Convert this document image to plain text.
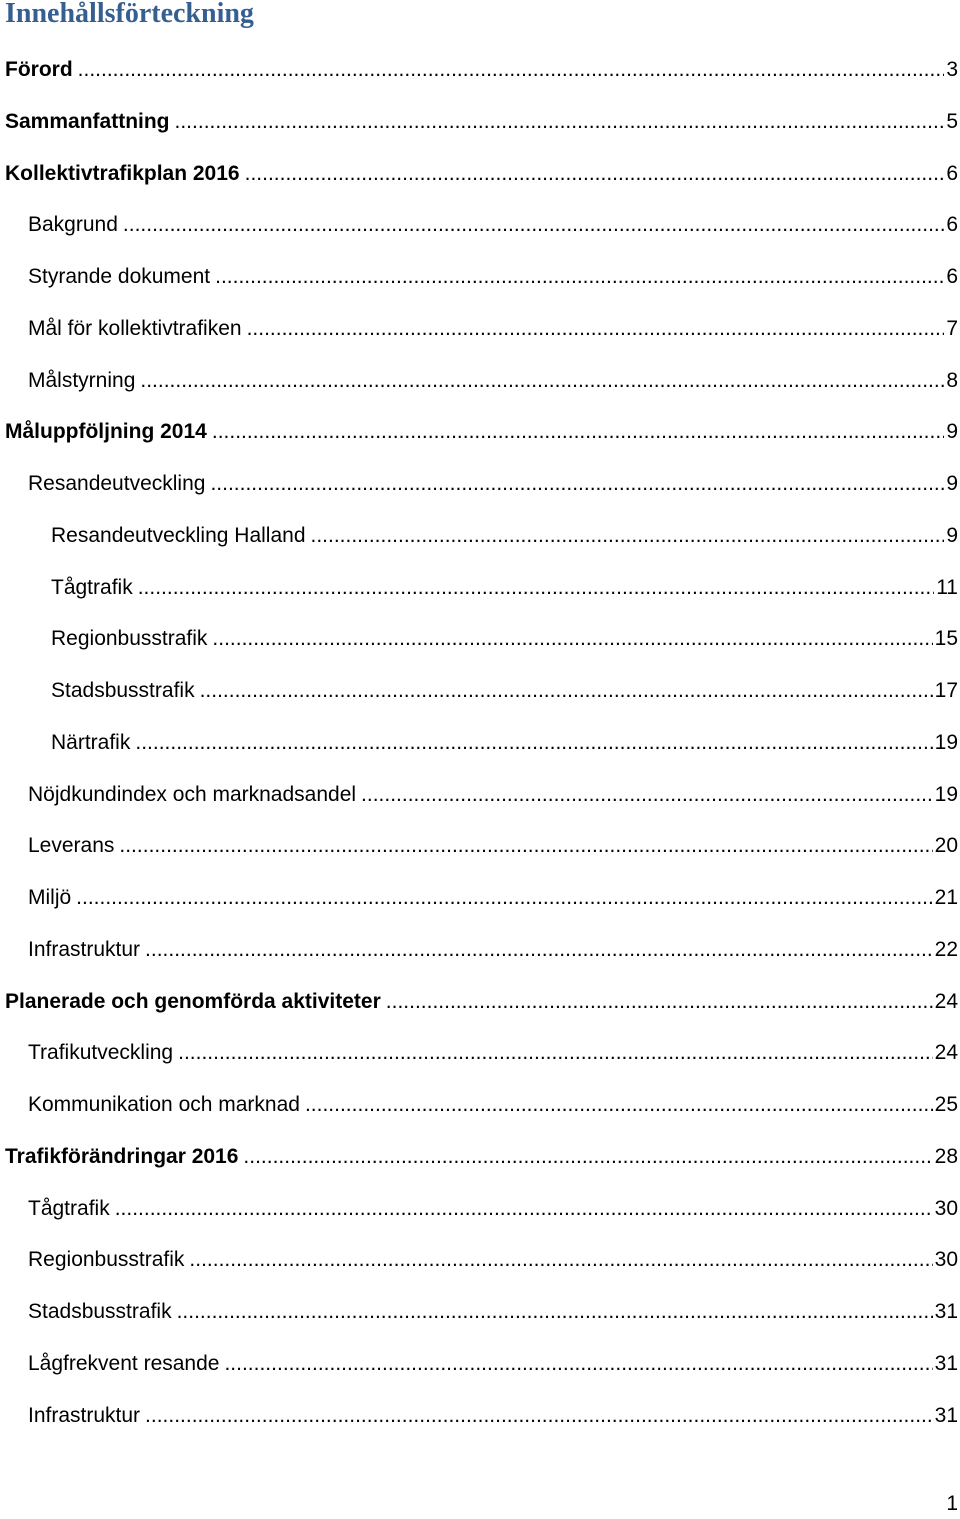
Innehållsförteckning
Förord .....	3
Sammanfattning .....	5
Kollektivtrafikplan 2016 .....	6
Bakgrund .....	6
Styrande dokument .....	6
Mål för kollektivtrafiken .....	7
Målstyrning .....	8
Måluppföljning 2014 .....	9
Resandeutveckling .....	9
Resandeutveckling Halland .....	9
Tågtrafik .....	11
Regionbusstrafik .....	15
Stadsbusstrafik .....	17
Närtrafik .....	19
Nöjdkundindex och marknadsandel .....	19
Leverans .....	20
Miljö .....	21
Infrastruktur .....	22
Planerade och genomförda aktiviteter .....	24
Trafikutveckling .....	24
Kommunikation och marknad .....	25
Trafikförändringar 2016 .....	28
Tågtrafik .....	30
Regionbusstrafik .....	30
Stadsbusstrafik .....	31
Lågfrekvent resande .....	31
Infrastruktur .....	31
1
